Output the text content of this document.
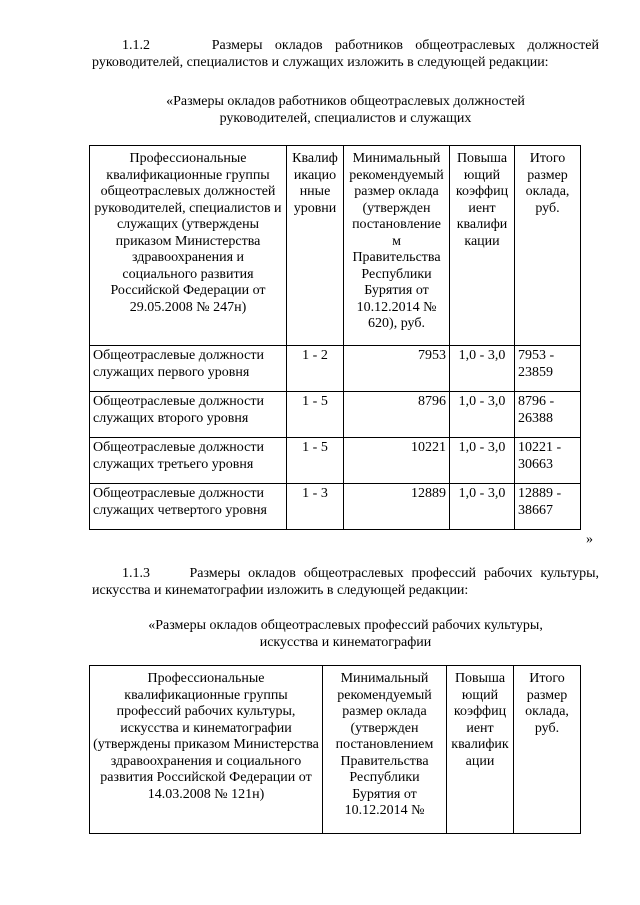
1.1.2	Размеры окладов работников общеотраслевых должностей руководителей, специалистов и служащих изложить в следующей редакции:
«Размеры окладов работников общеотраслевых должностей
руководителей, специалистов и служащих
Профессиональные квалификационные группы общеотраслевых должностей руководителей, специалистов и служащих (утверждены приказом Министерства здравоохранения и социального развития Российской Федерации от 29.05.2008 № 247н)	Квалиф икацио нные уровни	Минимальный рекомендуемый размер оклада (утвержден постановление м Правительства Республики Бурятия от 10.12.2014 № 620), руб.	Повыша ющий коэффиц иент квалифи кации	Итого размер оклада, руб.
Общеотраслевые должности служащих первого уровня	1 - 2	7953	1,0 - 3,0	7953 - 23859
Общеотраслевые должности служащих второго уровня	1 - 5	8796	1,0 - 3,0	8796 - 26388
Общеотраслевые должности служащих третьего уровня	1 - 5	10221	1,0 - 3,0	10221 - 30663
Общеотраслевые должности служащих четвертого уровня	1 - 3	12889	1,0 - 3,0	12889 - 38667
»
1.1.3	Размеры окладов общеотраслевых профессий рабочих культуры, искусства и кинематографии изложить в следующей редакции:
«Размеры окладов общеотраслевых профессий рабочих культуры,
искусства и кинематографии
Профессиональные квалификационные группы профессий рабочих культуры, искусства и кинематографии (утверждены приказом Министерства здравоохранения и социального развития Российской Федерации от 14.03.2008 № 121н)	Минимальный рекомендуемый размер оклада (утвержден постановлением Правительства Республики Бурятия от 10.12.2014 №	Повыша ющий коэффиц иент квалифик ации	Итого размер оклада, руб.
